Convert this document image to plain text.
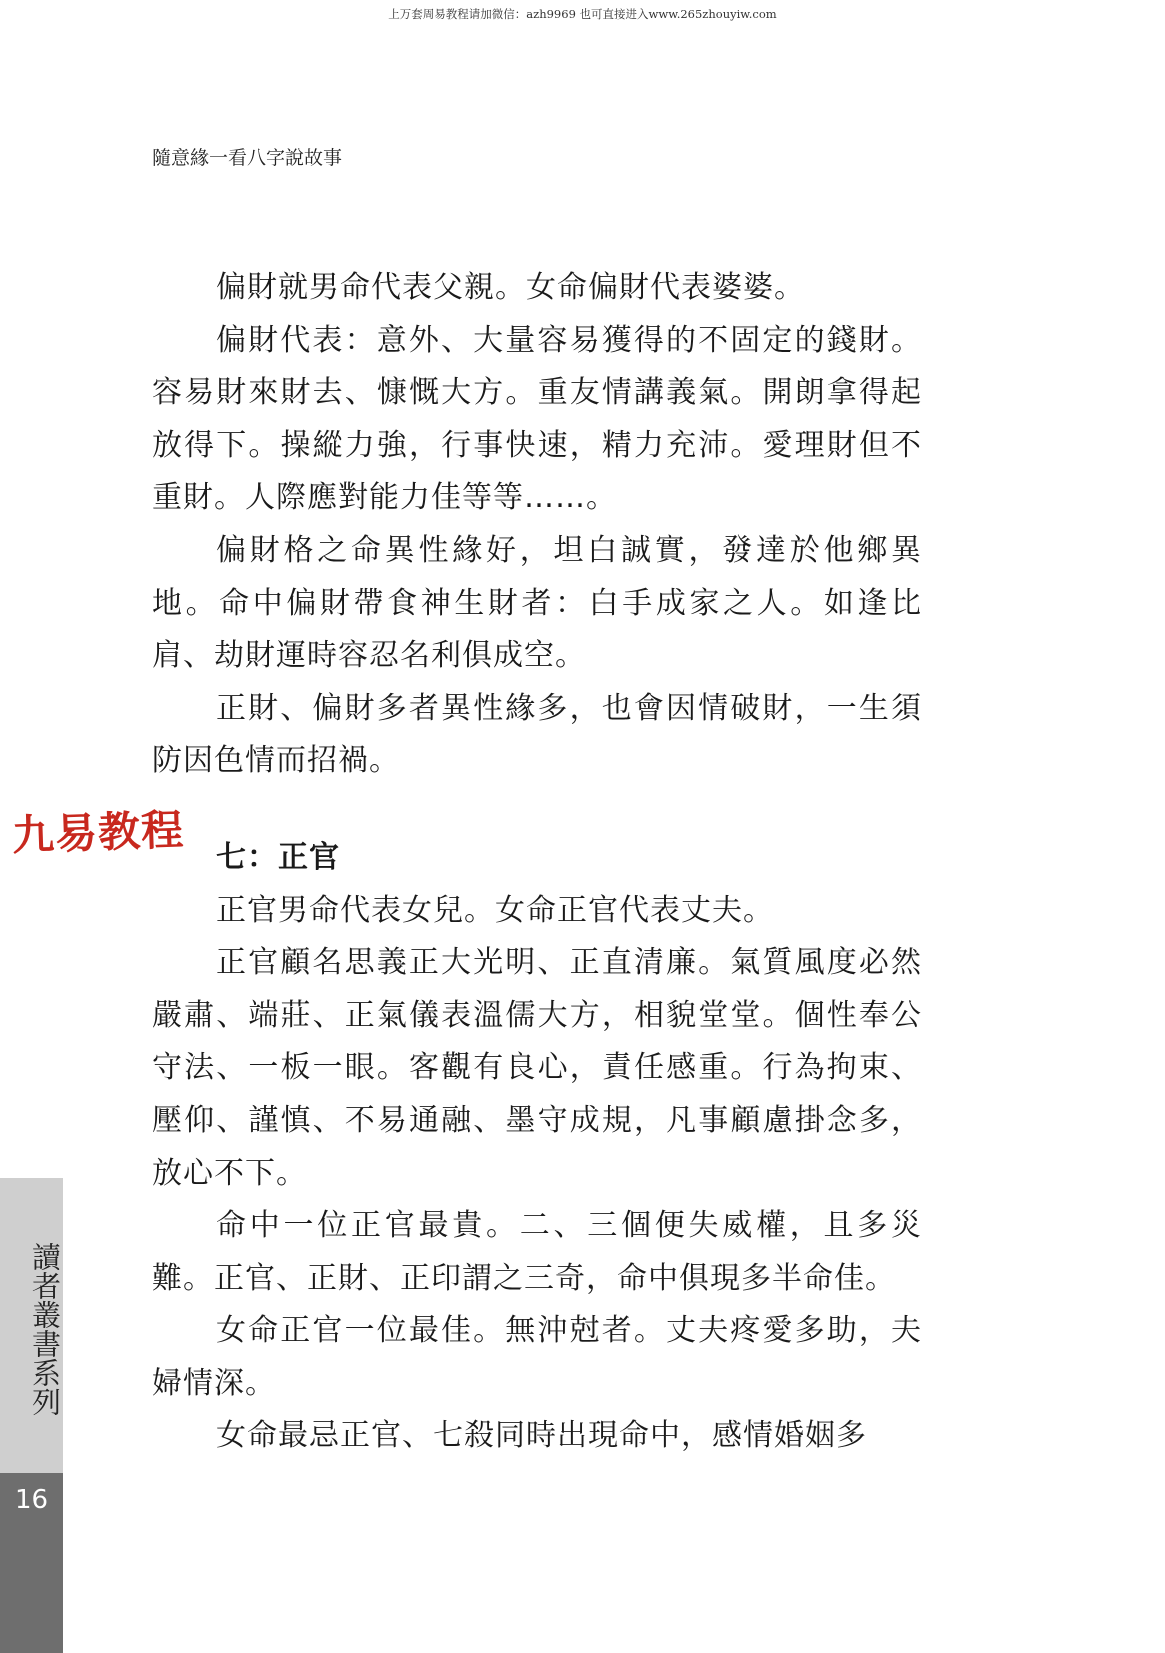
上万套周易教程请加微信：azh9969 也可直接进入www.265zhouyiw.com
隨意緣一看八字說故事

偏財就男命代表父親。女命偏財代表婆婆。

偏財代表：意外、大量容易獲得的不固定的錢財。容易財來財去、慷慨大方。重友情講義氣。開朗拿得起放得下。操縱力強，行事快速，精力充沛。愛理財但不重財。人際應對能力佳等等……。

偏財格之命異性緣好，坦白誠實，發達於他鄉異地。命中偏財帶食神生財者：白手成家之人。如逢比肩、劫財運時容忍名利俱成空。

正財、偏財多者異性緣多，也會因情破財，一生須防因色情而招禍。

七：正官

正官男命代表女兒。女命正官代表丈夫。

正官顧名思義正大光明、正直清廉。氣質風度必然嚴肅、端莊、正氣儀表溫儒大方，相貌堂堂。個性奉公守法、一板一眼。客觀有良心，責任感重。行為拘束、壓仰、謹慎、不易通融、墨守成規，凡事顧慮掛念多，放心不下。

命中一位正官最貴。二、三個便失威權，且多災難。正官、正財、正印謂之三奇，命中俱現多半命佳。

女命正官一位最佳。無沖尅者。丈夫疼愛多助，夫婦情深。

女命最忌正官、七殺同時出現命中，感情婚姻多

九易教程
讀者叢書系列
16
